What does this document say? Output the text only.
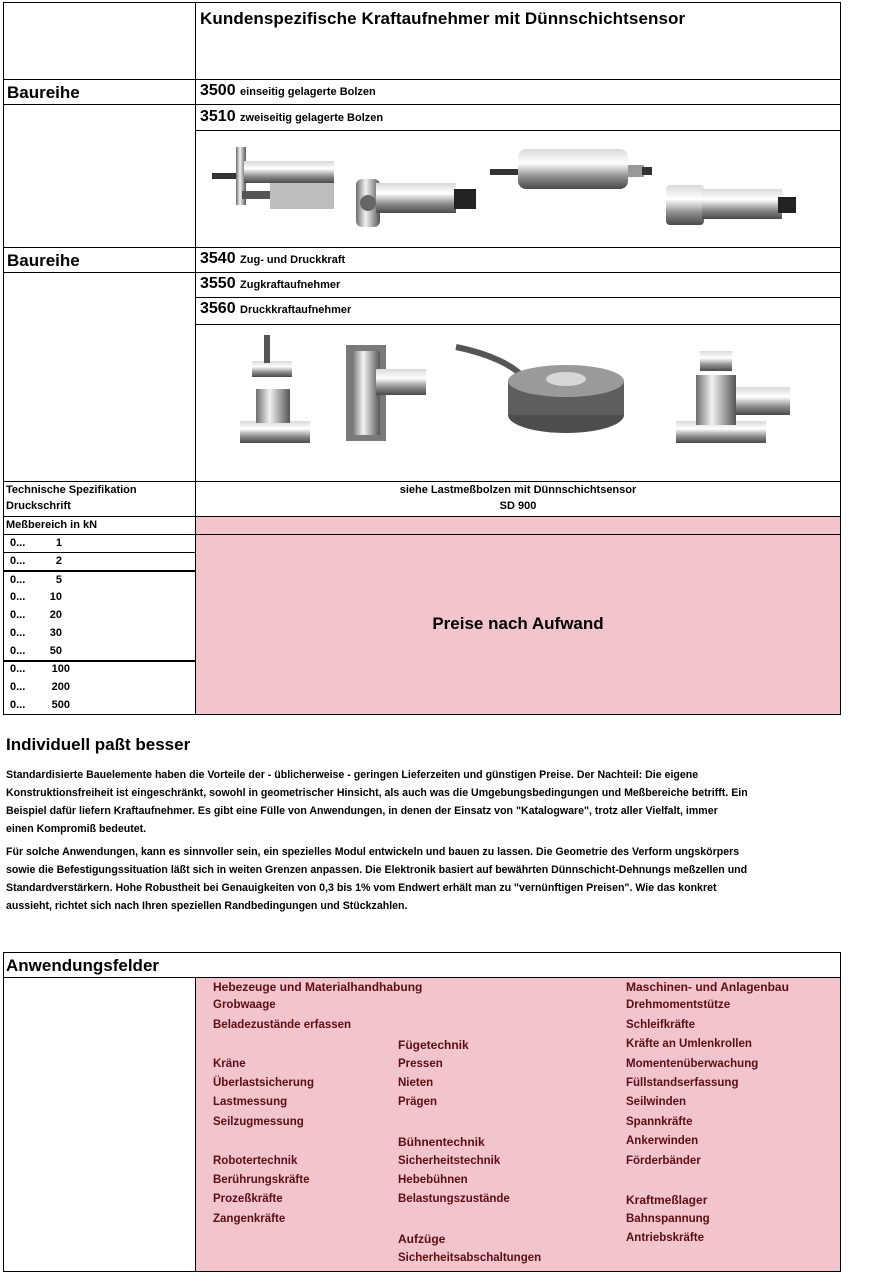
Kundenspezifische Kraftaufnehmer mit Dünnschichtsensor
Baureihe	3500 einseitig gelagerte Bolzen
3510 zweiseitig gelagerte Bolzen
Baureihe	3540 Zug- und Druckkraft
3550 Zugkraftaufnehmer
3560 Druckkraftaufnehmer
Technische Spezifikation
Druckschrift
siehe Lastmeßbolzen mit Dünnschichtsensor
SD 900
Meßbereich in kN
0...	1
0...	2
0...	5
0...	10
0...	20
0...	30
0...	50
0...	100
0...	200
0...	500
Preise nach Aufwand
Individuell paßt besser
Standardisierte Bauelemente haben die Vorteile der - üblicherweise - geringen Lieferzeiten und günstigen Preise. Der Nachteil: Die eigene
Konstruktionsfreiheit ist eingeschränkt, sowohl in geometrischer Hinsicht, als auch was die Umgebungsbedingungen und Meßbereiche betrifft. Ein
Beispiel dafür liefern Kraftaufnehmer. Es gibt eine Fülle von Anwendungen, in denen der Einsatz von "Katalogware", trotz aller Vielfalt, immer
einen Kompromiß bedeutet.
Für solche Anwendungen, kann es sinnvoller sein, ein spezielles Modul entwickeln und bauen zu lassen. Die Geometrie des Verform ungskörpers
sowie die Befestigungssituation läßt sich in weiten Grenzen anpassen. Die Elektronik basiert auf bewährten Dünnschicht-Dehnungs meßzellen und
Standardverstärkern. Hohe Robustheit bei Genauigkeiten von 0,3 bis 1% vom Endwert erhält man zu "vernünftigen Preisen". Wie das konkret
aussieht, richtet sich nach Ihren speziellen Randbedingungen und Stückzahlen.
Anwendungsfelder
Hebezeuge und Materialhandhabung
Grobwaage
Beladezustände erfassen
Kräne
Überlastsicherung
Lastmessung
Seilzugmessung
Robotertechnik
Berührungskräfte
Prozeßkräfte
Zangenkräfte
Fügetechnik
Pressen
Nieten
Prägen
Bühnentechnik
Sicherheitstechnik
Hebebühnen
Belastungszustände
Aufzüge
Sicherheitsabschaltungen
Maschinen- und Anlagenbau
Drehmomentstütze
Schleifkräfte
Kräfte an Umlenkrollen
Momentenüberwachung
Füllstandserfassung
Seilwinden
Spannkräfte
Ankerwinden
Förderbänder
Kraftmeßlager
Bahnspannung
Antriebskräfte
